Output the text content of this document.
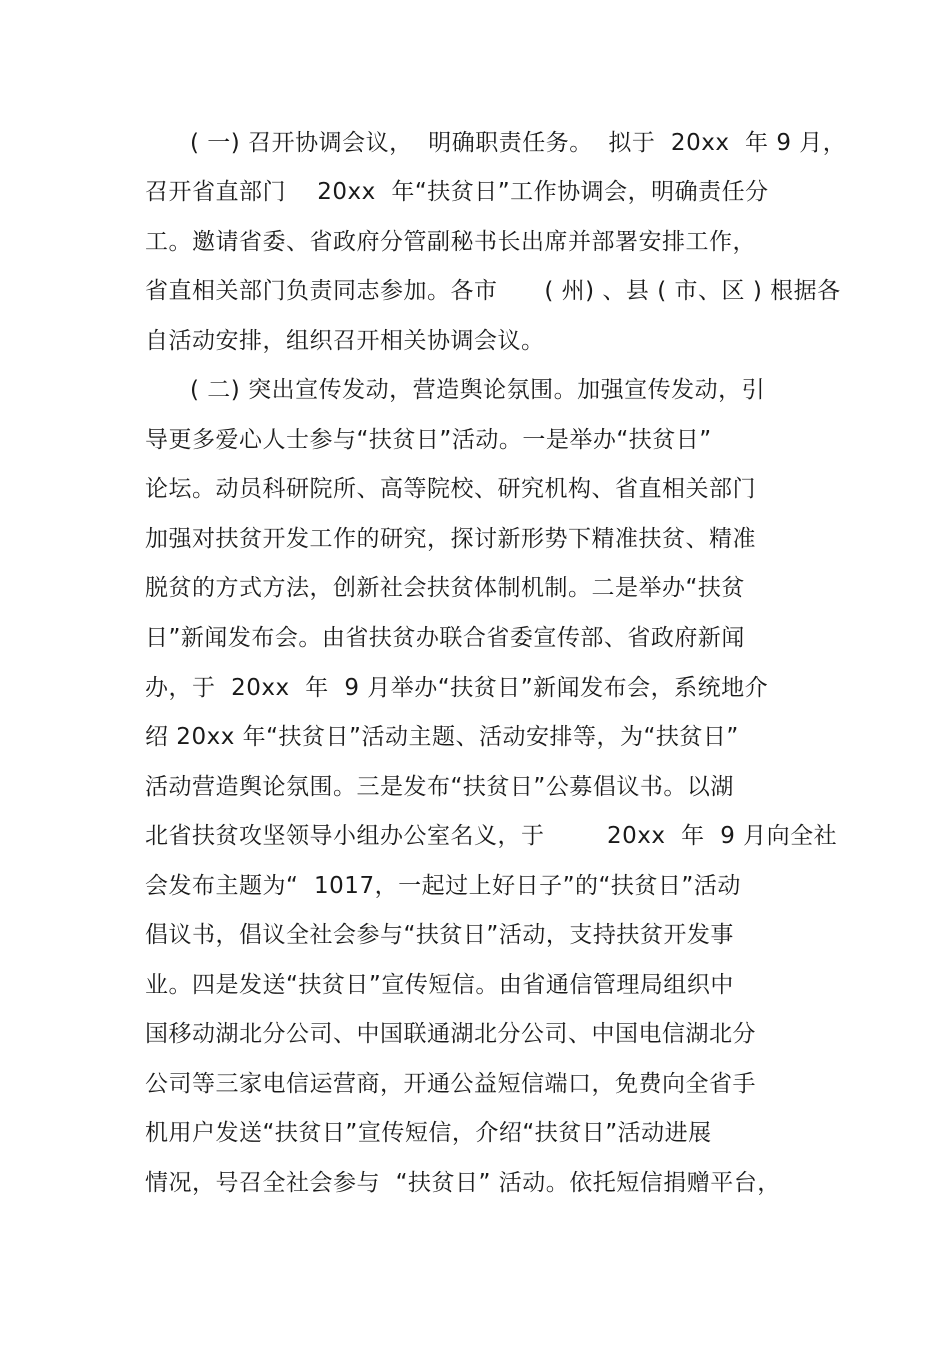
( 一) 召开协调会议，  明确职责任务。  拟于  20xx  年 9 月，
召开省直部门    20xx  年“扶贫日”工作协调会，明确责任分
工。邀请省委、省政府分管副秘书长出席并部署安排工作，
省直相关部门负责同志参加。各市      ( 州) 、县 ( 市、区 ) 根据各
自活动安排，组织召开相关协调会议。
( 二) 突出宣传发动，营造舆论氛围。加强宣传发动，引
导更多爱心人士参与“扶贫日”活动。一是举办“扶贫日”
论坛。动员科研院所、高等院校、研究机构、省直相关部门
加强对扶贫开发工作的研究，探讨新形势下精准扶贫、精准
脱贫的方式方法，创新社会扶贫体制机制。二是举办“扶贫
日”新闻发布会。由省扶贫办联合省委宣传部、省政府新闻
办，于  20xx  年  9 月举办“扶贫日”新闻发布会，系统地介
绍 20xx 年“扶贫日”活动主题、活动安排等，为“扶贫日”
活动营造舆论氛围。三是发布“扶贫日”公募倡议书。以湖
北省扶贫攻坚领导小组办公室名义，于        20xx  年  9 月向全社
会发布主题为“  1017，一起过上好日子”的“扶贫日”活动
倡议书，倡议全社会参与“扶贫日”活动，支持扶贫开发事
业。四是发送“扶贫日”宣传短信。由省通信管理局组织中
国移动湖北分公司、中国联通湖北分公司、中国电信湖北分
公司等三家电信运营商，开通公益短信端口，免费向全省手
机用户发送“扶贫日”宣传短信，介绍“扶贫日”活动进展
情况，号召全社会参与  “扶贫日” 活动。依托短信捐赠平台，
